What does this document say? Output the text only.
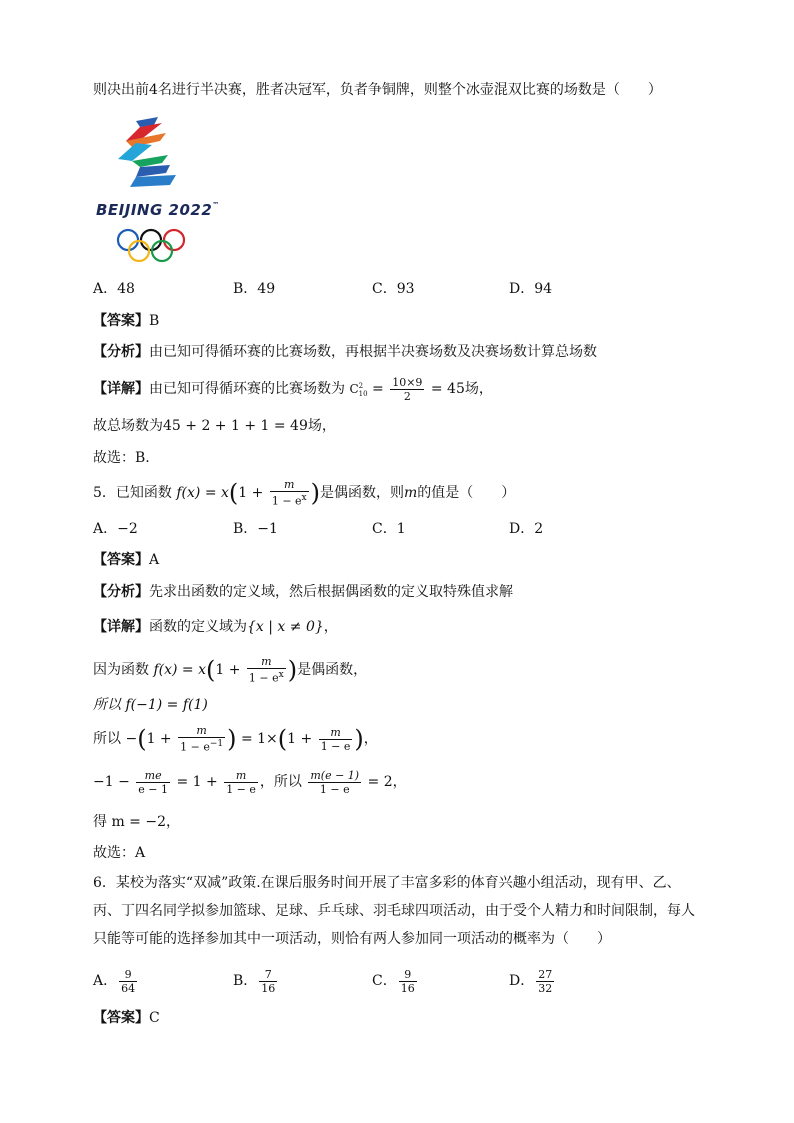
则决出前4名进行半决赛，胜者决冠军，负者争铜牌，则整个冰壶混双比赛的场数是（　　）
BEIJING 2022™
A．48	B．49	C．93	D．94
【答案】B
【分析】由已知可得循环赛的比赛场数，再根据半决赛场数及决赛场数计算总场数
【详解】由已知可得循环赛的比赛场数为 C 2
$10 = \frac{10\times 9}{2} = 45$场，
故总场数为45 + 2 + 1 + 1 = 49场，
故选：B.
5．已知函数 $f(x) = x(1 + \frac{m}{1 - e^x}$ )是偶函数，则m的值是（　　）
A．−2	B．−1	C．1	D．2
【答案】A
【分析】先求出函数的定义域，然后根据偶函数的定义取特殊值求解
【详解】函数的定义域为{x | x ≠ 0}，
因为函数 $f(x) = x(1 + \frac{m}{1 - e^x}$ )是偶函数，
所以 f(−1) = f(1)
所以 $-(1 + \frac{m}{1 - e^{-1}}$ ) = $1\times(1 + \frac{m}{1 - e}$ )，
$-1 - \frac{me}{e - 1} = 1 + \frac{m}{1 - e}$ ，所以 $\frac{m(e - 1)}{1 - e} = 2$，
得 m = −2，
故选：A
6．某校为落实“双减”政策.在课后服务时间开展了丰富多彩的体育兴趣小组活动，现有甲、乙、丙、丁四名同学拟参加篮球、足球、乒乓球、羽毛球四项活动，由于受个人精力和时间限制，每人只能等可能的选择参加其中一项活动，则恰有两人参加同一项活动的概率为（　　）
A． $\frac{9}{64}$	B． $\frac{7}{16}$	C． $\frac{9}{16}$	D． $\frac{27}{32}$
【答案】C
